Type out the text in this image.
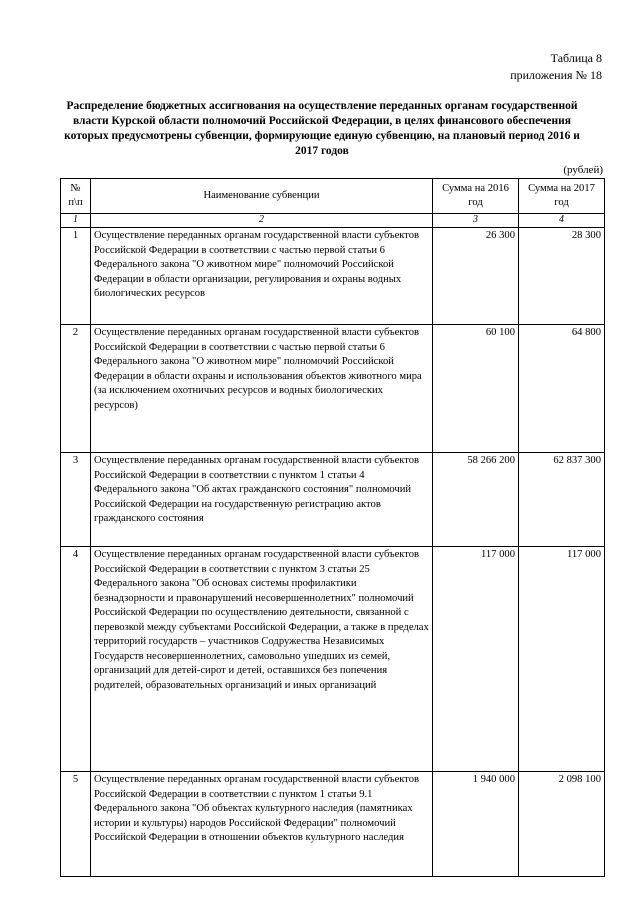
Таблица 8
приложения № 18
Распределение бюджетных ассигнования на осуществление переданных органам государственной власти Курской области полномочий Российской Федерации, в целях финансового обеспечения которых предусмотрены субвенции, формирующие единую субвенцию, на плановый период 2016 и 2017 годов
(рублей)
№ п\п	Наименование субвенции	Сумма на 2016 год	Сумма на 2017 год
1	2	3	4
1	Осуществление переданных органам государственной власти субъектов Российской Федерации в соответствии с частью первой статьи 6 Федерального закона "О животном мире" полномочий Российской Федерации в области организации, регулирования и охраны водных биологических ресурсов	26 300	28 300
2	Осуществление переданных органам государственной власти субъектов Российской Федерации в соответствии с частью первой статьи 6 Федерального закона "О животном мире" полномочий Российской Федерации в области охраны и использования объектов животного мира (за исключением охотничьих ресурсов и водных биологических ресурсов)	60 100	64 800
3	Осуществление переданных органам государственной власти субъектов Российской Федерации в соответствии с пунктом 1 статьи 4 Федерального закона "Об актах гражданского состояния" полномочий Российской Федерации на государственную регистрацию актов гражданского состояния	58 266 200	62 837 300
4	Осуществление переданных органам государственной власти субъектов Российской Федерации в соответствии с пунктом 3 статьи 25 Федерального закона "Об основах системы профилактики безнадзорности и правонарушений несовершеннолетних" полномочий Российской Федерации по осуществлению деятельности, связанной с перевозкой между субъектами Российской Федерации, а также в пределах территорий государств – участников Содружества Независимых Государств несовершеннолетних, самовольно ушедших из семей, организаций для детей-сирот и детей, оставшихся без попечения родителей, образовательных организаций и иных организаций	117 000	117 000
5	Осуществление переданных органам государственной власти субъектов Российской Федерации в соответствии с пунктом 1 статьи 9.1 Федерального закона "Об объектах культурного наследия (памятниках истории и культуры) народов Российской Федерации" полномочий Российской Федерации в отношении объектов культурного наследия	1 940 000	2 098 100
